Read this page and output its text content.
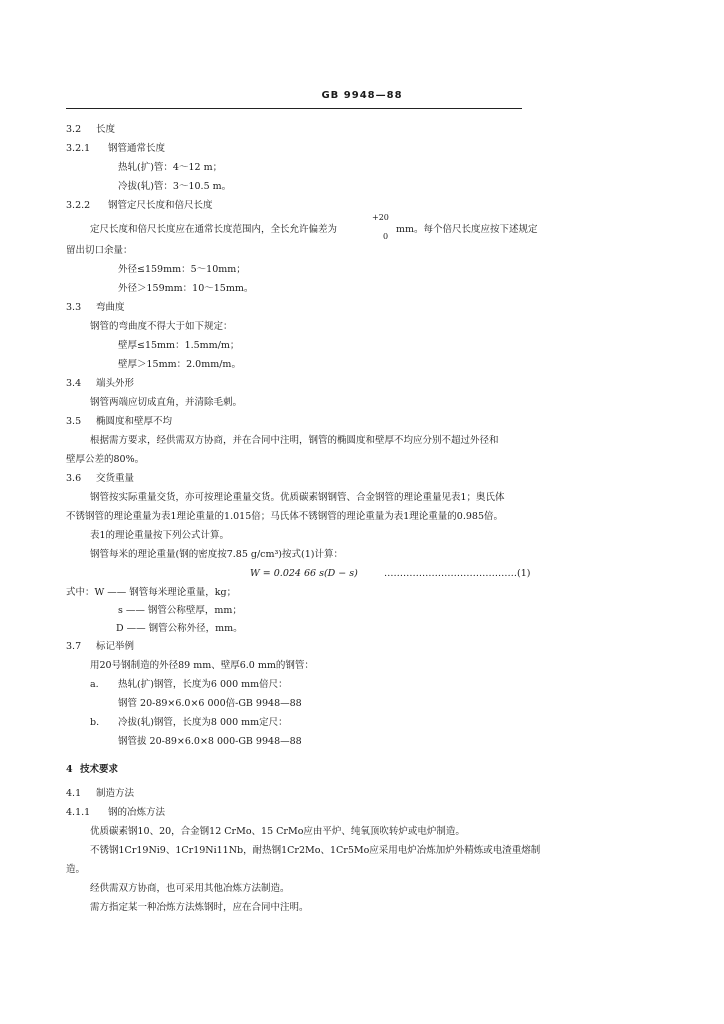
GB 9948—88
3.2 长度
3.2.1 钢管通常长度
热轧(扩)管：4～12 m；
冷拔(轧)管：3～10.5 m。
3.2.2 钢管定尺长度和倍尺长度
定尺长度和倍尺长度应在通常长度范围内，全长允许偏差为
+20
0
mm。每个倍尺长度应按下述规定
留出切口余量：
外径≤159mm：5～10mm；
外径＞159mm：10～15mm。
3.3 弯曲度
钢管的弯曲度不得大于如下规定：
壁厚≤15mm：1.5mm/m；
壁厚＞15mm：2.0mm/m。
3.4 端头外形
钢管两端应切成直角，并清除毛刺。
3.5 椭圆度和壁厚不均
根据需方要求，经供需双方协商，并在合同中注明，钢管的椭圆度和壁厚不均应分别不超过外径和
壁厚公差的80%。
3.6 交货重量
钢管按实际重量交货，亦可按理论重量交货。优质碳素钢钢管、合金钢管的理论重量见表1；奥氏体
不锈钢管的理论重量为表1理论重量的1.015倍；马氏体不锈钢管的理论重量为表1理论重量的0.985倍。
表1的理论重量按下列公式计算。
钢管每米的理论重量(钢的密度按7.85 g/cm³)按式(1)计算：
W = 0.024 66 s(D − s)	……………………………………(1)
式中：W —— 钢管每米理论重量，kg；
s —— 钢管公称壁厚，mm；
D —— 钢管公称外径，mm。
3.7 标记举例
用20号钢制造的外径89 mm、壁厚6.0 mm的钢管：
a. 热轧(扩)钢管，长度为6 000 mm倍尺：
钢管 20-89×6.0×6 000倍-GB 9948—88
b. 冷拔(轧)钢管，长度为8 000 mm定尺：
钢管拔 20-89×6.0×8 000-GB 9948—88
4 技术要求
4.1 制造方法
4.1.1 钢的冶炼方法
优质碳素钢10、20，合金钢12 CrMo、15 CrMo应由平炉、纯氧顶吹转炉或电炉制造。
不锈钢1Cr19Ni9、1Cr19Ni11Nb，耐热钢1Cr2Mo、1Cr5Mo应采用电炉冶炼加炉外精炼或电渣重熔制
造。
经供需双方协商，也可采用其他冶炼方法制造。
需方指定某一种冶炼方法炼钢时，应在合同中注明。
